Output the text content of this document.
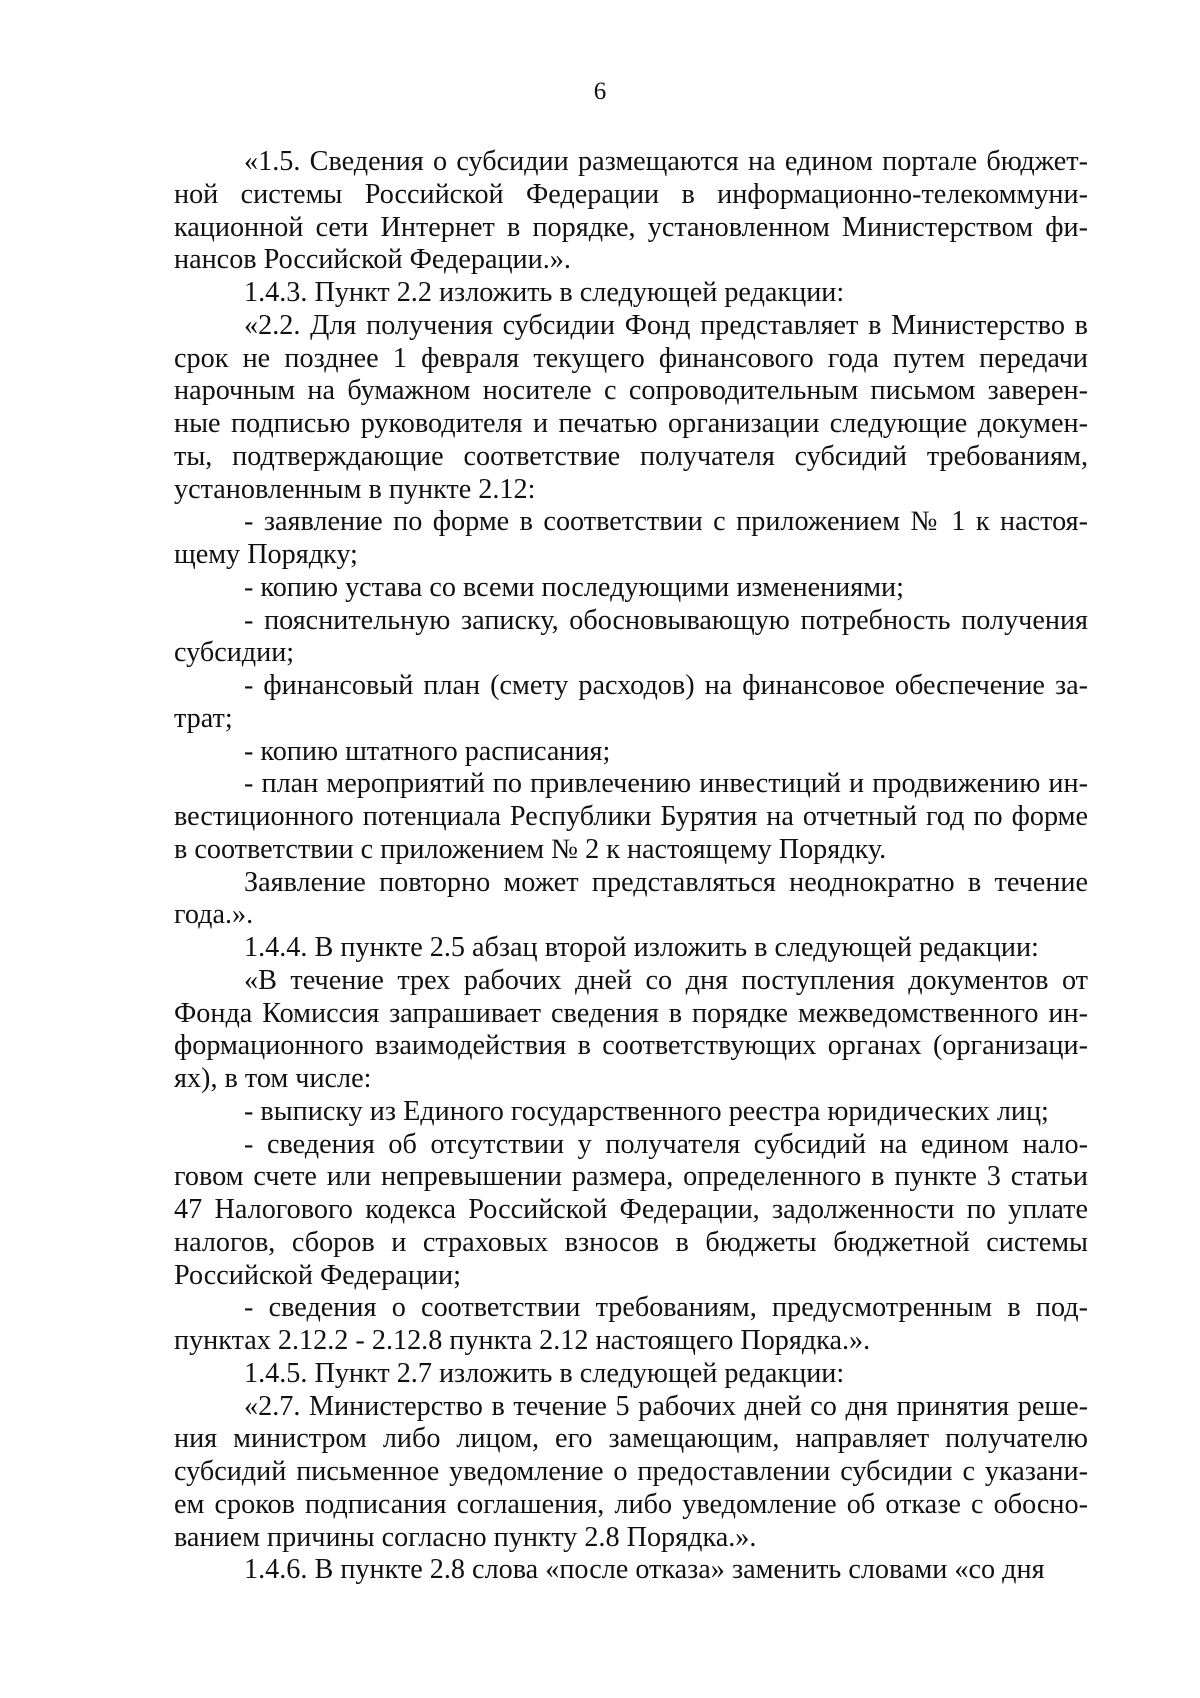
6

«1.5. Сведения о субсидии размещаются на едином портале бюджетной системы Российской Федерации в информационно-телекоммуникационной сети Интернет в порядке, установленном Министерством финансов Российской Федерации.».

1.4.3. Пункт 2.2 изложить в следующей редакции:

«2.2. Для получения субсидии Фонд представляет в Министерство в срок не позднее 1 февраля текущего финансового года путем передачи нарочным на бумажном носителе с сопроводительным письмом заверенные подписью руководителя и печатью организации следующие документы, подтверждающие соответствие получателя субсидий требованиям, установленным в пункте 2.12:

- заявление по форме в соответствии с приложением № 1 к настоящему Порядку;

- копию устава со всеми последующими изменениями;

- пояснительную записку, обосновывающую потребность получения субсидии;

- финансовый план (смету расходов) на финансовое обеспечение затрат;

- копию штатного расписания;

- план мероприятий по привлечению инвестиций и продвижению инвестиционного потенциала Республики Бурятия на отчетный год по форме в соответствии с приложением № 2 к настоящему Порядку.

Заявление повторно может представляться неоднократно в течение года.».

1.4.4. В пункте 2.5 абзац второй изложить в следующей редакции:

«В течение трех рабочих дней со дня поступления документов от Фонда Комиссия запрашивает сведения в порядке межведомственного информационного взаимодействия в соответствующих органах (организациях), в том числе:

- выписку из Единого государственного реестра юридических лиц;

- сведения об отсутствии у получателя субсидий на едином налоговом счете или непревышении размера, определенного в пункте 3 статьи 47 Налогового кодекса Российской Федерации, задолженности по уплате налогов, сборов и страховых взносов в бюджеты бюджетной системы Российской Федерации;

- сведения о соответствии требованиям, предусмотренным в подпунктах 2.12.2 - 2.12.8 пункта 2.12 настоящего Порядка.».

1.4.5. Пункт 2.7 изложить в следующей редакции:

«2.7. Министерство в течение 5 рабочих дней со дня принятия решения министром либо лицом, его замещающим, направляет получателю субсидий письменное уведомление о предоставлении субсидии с указанием сроков подписания соглашения, либо уведомление об отказе с обоснованием причины согласно пункту 2.8 Порядка.».

1.4.6. В пункте 2.8 слова «после отказа» заменить словами «со дня
